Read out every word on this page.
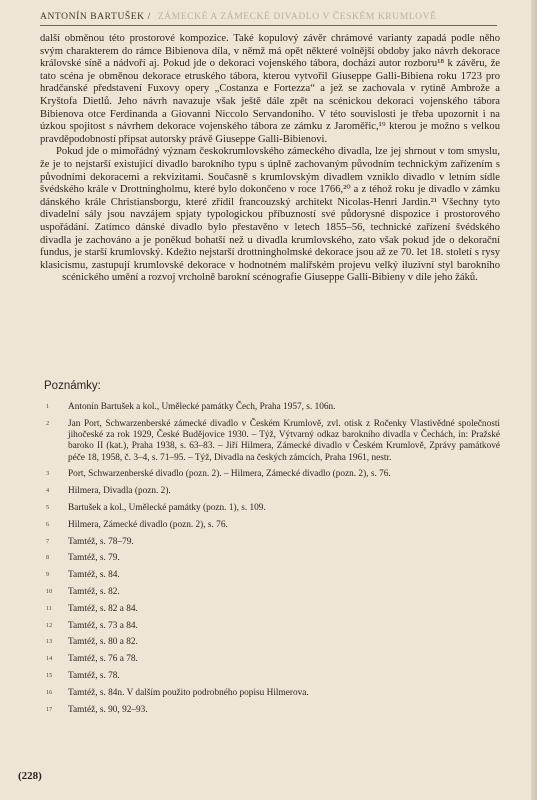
ANTONÍN BARTUŠEK / ZÁMECKÉ A ZÁMECKÉ DIVADLO V ČESKÉM KRUMLOVĚ

další obměnou této prostorové kompozice. Také kopulový závěr chrámové varianty zapadá podle něho svým charakterem do rámce Bibienova díla, v němž má opět některé volnější obdoby jako návrh dekorace královské síně a nádvoří aj. Pokud jde o dekoraci vojenského tábora, docházi autor rozboru¹⁸ k závěru, že tato scéna je obměnou dekorace etruského tábora, kterou vytvořil Giuseppe Galli-Bibiena roku 1723 pro hradčanské představení Fuxovy opery „Costanza e Fortezza“ a jež se zachovala v rytině Ambrože a Kryštofa Dietlů. Jeho návrh navazuje však ještě dále zpět na scénickou dekoraci vojenského tábora Bibienova otce Ferdinanda a Giovanni Niccolo Servandoniho. V této souvislosti je třeba upozornit i na úzkou spojitost s návrhem dekorace vojenského tábora ze zámku z Jaroměřic,¹⁹ kterou je možno s velkou pravděpodobností připsat autorsky právě Giuseppe Galli-Bibienovi.

Pokud jde o mimořádný význam českokrumlovského zámeckého divadla, lze jej shrnout v tom smyslu, že je to nejstarší existující divadlo barokního typu s úplně zachovaným původním technickým zařízením s původními dekoracemi a rekvizitami. Současně s krumlovským divadlem vzniklo divadlo v letním sídle švédského krále v Drottningholmu, které bylo dokončeno v roce 1766,²⁰ a z téhož roku je divadlo v zámku dánského krále Christiansborgu, které zřídil francouzský architekt Nicolas-Henri Jardin.²¹ Všechny tyto divadelní sály jsou navzájem spjaty typologickou příbuzností své půdorysné dispozice i prostorového uspořádání. Zatímco dánské divadlo bylo přestavěno v letech 1855–56, technické zařízení švédského divadla je zachováno a je poněkud bohatší než u divadla krumlovského, zato však pokud jde o dekorační fundus, je starší krumlovský. Kdežto nejstarší drottningholmské dekorace jsou až ze 70. let 18. století s rysy klasicismu, zastupují krumlovské dekorace v hodnotném malířském projevu velký iluzivní styl barokního scénického umění a rozvoj vrcholně barokní scénografie Giuseppe Galli-Bibieny v díle jeho žáků.

Poznámky:
1	Antonín Bartušek a kol., Umělecké památky Čech, Praha 1957, s. 106n.
2	Jan Port, Schwarzenberské zámecké divadlo v Českém Krumlově, zvl. otisk z Ročenky Vlastivědné společnosti jihočeské za rok 1929, České Budějovice 1930. – Týž, Výtvarný odkaz barokního divadla v Čechách, in: Pražské baroko II (kat.), Praha 1938, s. 63–83. – Jiří Hilmera, Zámecké divadlo v Českém Krumlově, Zprávy památkové péče 18, 1958, č. 3–4, s. 71–95. – Týž, Divadla na českých zámcích, Praha 1961, nestr.
3	Port, Schwarzenberské divadlo (pozn. 2). – Hilmera, Zámecké divadlo (pozn. 2), s. 76.
4	Hilmera, Divadla (pozn. 2).
5	Bartušek a kol., Umělecké památky (pozn. 1), s. 109.
6	Hilmera, Zámecké divadlo (pozn. 2), s. 76.
7	Tamtéž, s. 78–79.
8	Tamtéž, s. 79.
9	Tamtéž, s. 84.
10	Tamtéž, s. 82.
11	Tamtéž, s. 82 a 84.
12	Tamtéž, s. 73 a 84.
13	Tamtéž, s. 80 a 82.
14	Tamtéž, s. 76 a 78.
15	Tamtéž, s. 78.
16	Tamtéž, s. 84n. V dalším použito podrobného popisu Hilmerova.
17	Tamtéž, s. 90, 92–93.
(228)
